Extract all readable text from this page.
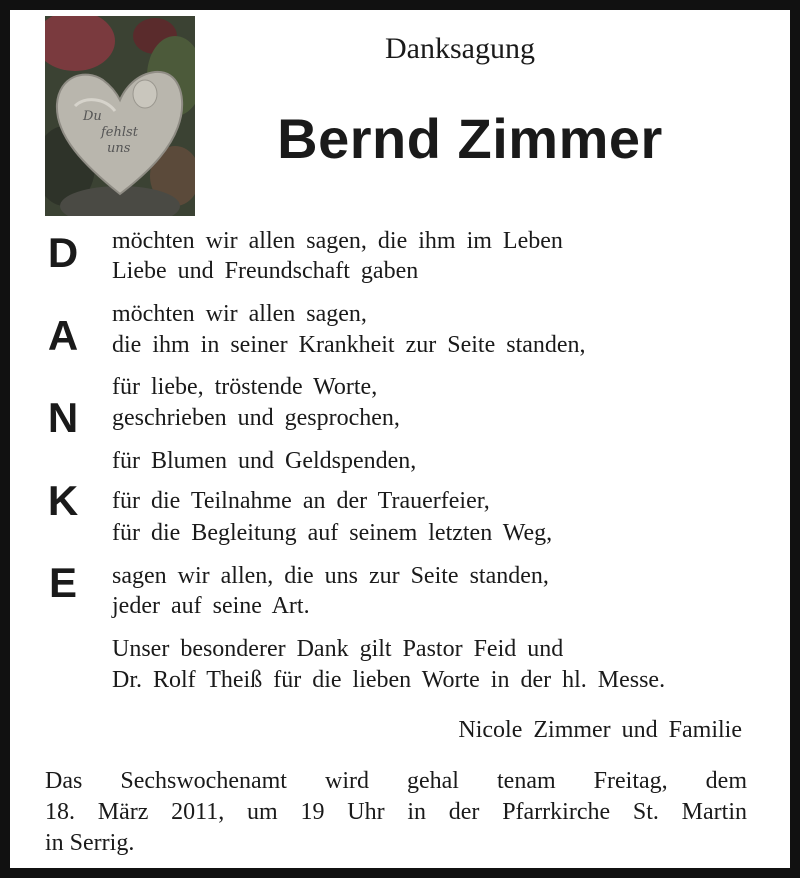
Du
fehlst
uns
Danksagung
Bernd Zimmer
D
A
N
K
E
möchten wir allen sagen, die ihm im Leben
Liebe und Freundschaft gaben
möchten wir allen sagen,
die ihm in seiner Krankheit zur Seite standen,
für liebe, tröstende Worte,
geschrieben und gesprochen,
für Blumen und Geldspenden,
für die Teilnahme an der Trauerfeier,
für die Begleitung auf seinem letzten Weg,
sagen wir allen, die uns zur Seite standen,
jeder auf seine Art.
Unser besonderer Dank gilt Pastor Feid und
Dr. Rolf Theiß für die lieben Worte in der hl. Messe.
Nicole Zimmer und Familie
Das Sechswochenamt wird gehal tenam Freitag, dem
18. März 2011, um 19 Uhr in der Pfarrkirche St. Martin
in Serrig.
